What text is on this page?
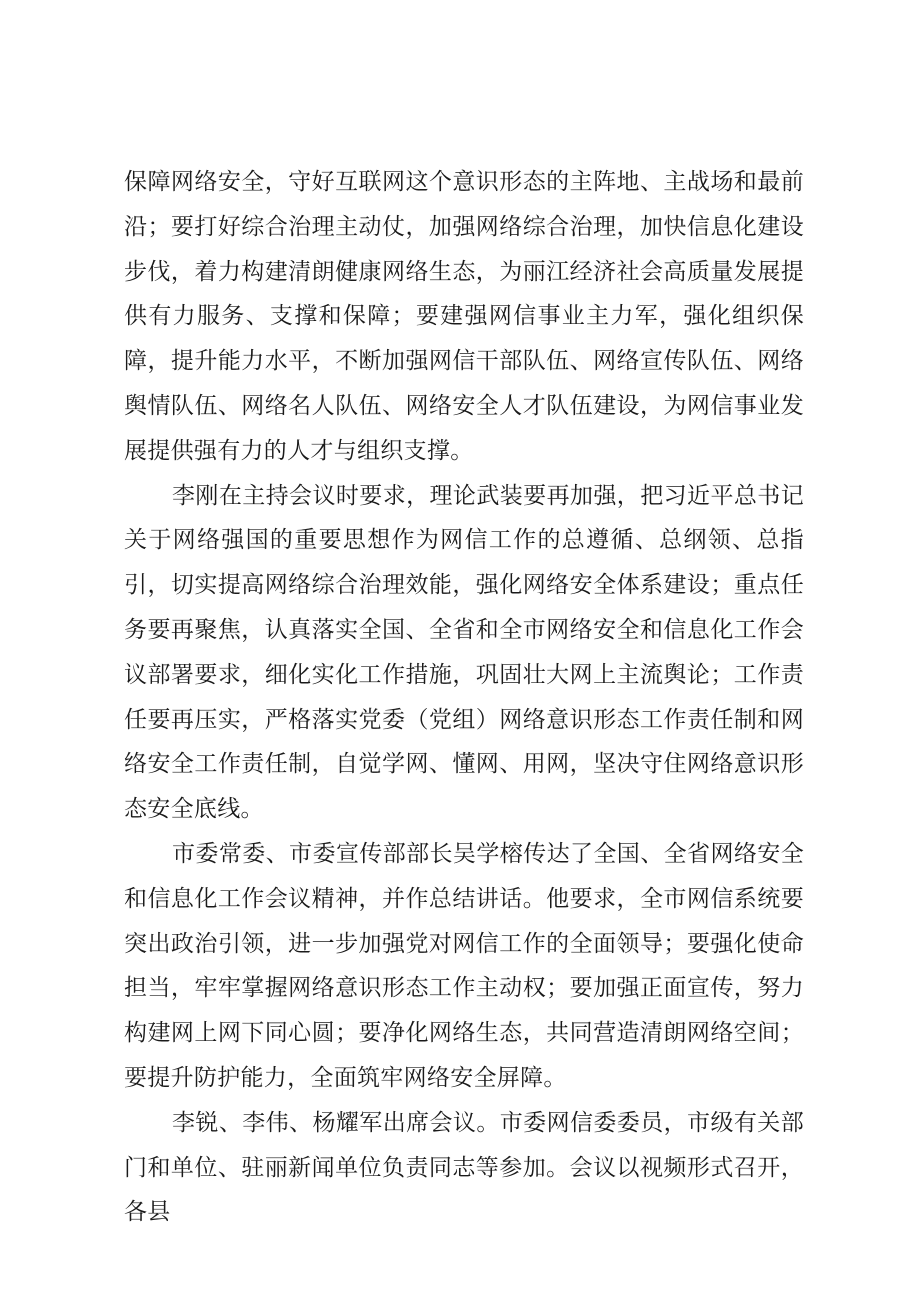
保障网络安全，守好互联网这个意识形态的主阵地、主战场和最前沿；要打好综合治理主动仗，加强网络综合治理，加快信息化建设步伐，着力构建清朗健康网络生态，为丽江经济社会高质量发展提供有力服务、支撑和保障；要建强网信事业主力军，强化组织保障，提升能力水平，不断加强网信干部队伍、网络宣传队伍、网络舆情队伍、网络名人队伍、网络安全人才队伍建设，为网信事业发展提供强有力的人才与组织支撑。

李刚在主持会议时要求，理论武装要再加强，把习近平总书记关于网络强国的重要思想作为网信工作的总遵循、总纲领、总指引，切实提高网络综合治理效能，强化网络安全体系建设；重点任务要再聚焦，认真落实全国、全省和全市网络安全和信息化工作会议部署要求，细化实化工作措施，巩固壮大网上主流舆论；工作责任要再压实，严格落实党委（党组）网络意识形态工作责任制和网络安全工作责任制，自觉学网、懂网、用网，坚决守住网络意识形态安全底线。

市委常委、市委宣传部部长吴学榕传达了全国、全省网络安全和信息化工作会议精神，并作总结讲话。他要求，全市网信系统要突出政治引领，进一步加强党对网信工作的全面领导；要强化使命担当，牢牢掌握网络意识形态工作主动权；要加强正面宣传，努力构建网上网下同心圆；要净化网络生态，共同营造清朗网络空间；要提升防护能力，全面筑牢网络安全屏障。

李锐、李伟、杨耀军出席会议。市委网信委委员，市级有关部门和单位、驻丽新闻单位负责同志等参加。会议以视频形式召开，各县
